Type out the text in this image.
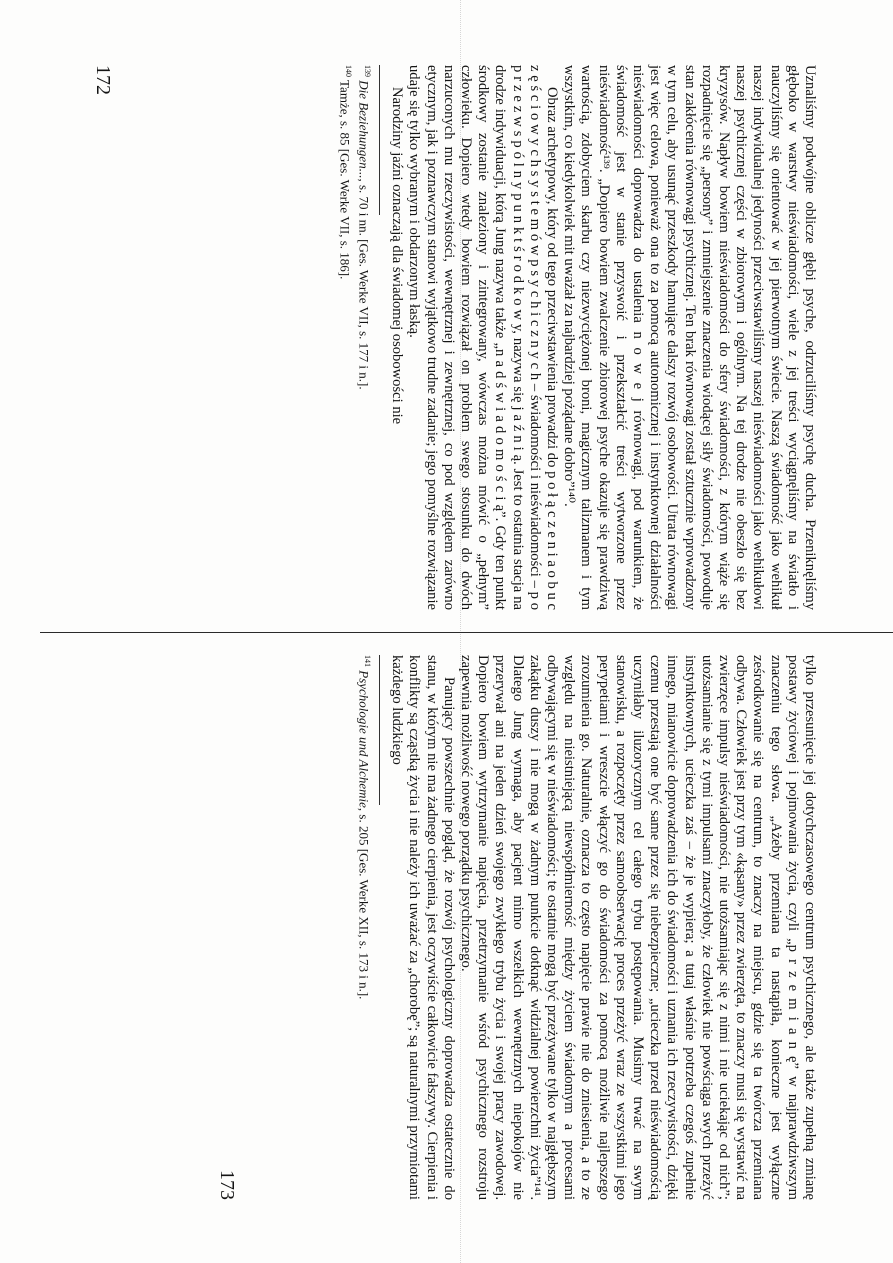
Uznaliśmy podwójne oblicze głębi psyche, odrzuciliśmy psychę ducha. Przeniknęliśmy głęboko w warstwy nieświadomości, wiele z jej treści wyciągnęliśmy na światło i nauczyliśmy się orientować w jej pierwotnym świecie. Naszą świadomość jako wehikuł naszej indywidualnej jedyności przeciwstawiliśmy naszej nieświadomości jako wehikułowi naszej psychicznej części w zbiorowym i ogólnym. Na tej drodze nie obeszło się bez kryzysów. Napływ bowiem nieświadomości do sfery świadomości, z którym wiąże się rozpadnięcie się „persony” i zmniejszenie znaczenia wiodącej siły świadomości, powoduje stan zakłócenia równowagi psychicznej. Ten brak równowagi został sztucznie wprowadzony w tym celu, aby usunąć przeszkody hamujące dalszy rozwój osobowości. Utrata równowagi jest więc celowa, ponieważ ona to za pomocą autonomicznej i instynktownej działalności nieświadomości doprowadza do ustalenia n o w e j równowagi, pod warunkiem, że świadomość jest w stanie przyswoić i przekształcić treści wytworzone przez nieświadomość¹³⁹. „Dopiero bowiem zwalczenie zbiorowej psyche okazuje się prawdziwą wartością, zdobyciem skarbu czy niezwyciężonej broni, magicznym talizmanem i tym wszystkim, co kiedykolwiek mit uważał za najbardziej pożądane dobro”¹⁴⁰.

Obraz archetypowy, który od tego przeciwstawienia prowadzi do p o ł ą c z e n i a o b u c z ę ś c i o w y c h s y s t e m ó w p s y c h i c z n y c h – świadomości i nieświadomości – p o p r z e z w s p ó l n y p u n k t ś r o d k o w y, nazywa się j a ź n i ą. Jest to ostatnia stacja na drodze indywiduacji, którą Jung nazywa także „n a d ś w i a d o m o ś c i ą”. Gdy ten punkt środkowy zostanie znaleziony i zintegrowany, wówczas można mówić o „pełnym” człowieku. Dopiero wtedy bowiem rozwiązał on problem swego stosunku do dwóch narzuconych mu rzeczywistości, wewnętrznej i zewnętrznej, co pod względem zarówno etycznym, jak i poznawczym stanowi wyjątkowo trudne zadanie; jego pomyślne rozwiązanie udaje się tylko wybranym i obdarzonym łaską.

Narodziny jaźni oznaczają dla świadomej osobowości nie

$^{139}$ Die Beziehungen..., s. 70 i nn. [Ges. Werke VII, s. 177 i n.].

$^{140}$ Tamże, s. 85 [Ges. Werke VII, s. 186].

172

tylko przesunięcie jej dotychczasowego centrum psychicznego, ale także zupełną zmianę postawy życiowej i pojmowania życia, czyli „p r z e m i a n ę” w najprawdziwszym znaczeniu tego słowa. „Ażeby przemiana ta nastąpiła, konieczne jest wyłączne ześrodkowanie się na centrum, to znaczy na miejscu, gdzie się ta twórcza przemiana odbywa. Człowiek jest przy tym «kąsany» przez zwierzęta, to znaczy musi się wystawić na zwierzęce impulsy nieświadomości, nie utożsamiając się z nimi i nie uciekając od nich”; utożsamianie się z tymi impulsami znaczyłoby, że człowiek nie powściąga swych przeżyć instynktownych, ucieczka zaś – że je wypiera; a tutaj właśnie potrzeba czegoś zupełnie innego, mianowicie doprowadzenia ich do świadomości i uznania ich rzeczywistości, dzięki czemu przestają one być same przez się niebezpieczne; „ucieczka przed nieświadomością uczyniłaby iluzorycznym cel całego trybu postępowania. Musimy trwać na swym stanowisku, a rozpoczęty przez samoobserwację proces przeżyć wraz ze wszystkimi jego perypetiami i wreszcie włączyć go do świadomości za pomocą możliwie najlepszego zrozumienia go. Naturalnie, oznacza to często napięcie prawie nie do zniesienia, a to ze względu na nieistniejącą niewspółmierność między życiem świadomym a procesami odbywającymi się w nieświadomości; te ostatnie mogą być przeżywane tylko w najgłębszym zakątku duszy i nie mogą w żadnym punkcie dotknąć widzialnej powierzchni życia”¹⁴¹. Dlatego Jung wymaga, aby pacjent mimo wszelkich wewnętrznych niepokojów nie przerywał ani na jeden dzień swojego zwykłego trybu życia i swojej pracy zawodowej. Dopiero bowiem wytrzymanie napięcia, przetrzymanie wśród psychicznego rozstroju zapewnia możliwość nowego porządku psychicznego.

Panujący powszechnie pogląd, że rozwój psychologiczny doprowadza ostatecznie do stanu, w którym nie ma żadnego cierpienia, jest oczywiście całkowicie fałszywy. Cierpienia i konflikty są cząstką życia i nie należy ich uważać za „chorobę”; są naturalnymi przymiotami każdego ludzkiego

$^{141}$ Psychologie und Alchemie, s. 205 [Ges. Werke XII, s. 173 i n.].

173
